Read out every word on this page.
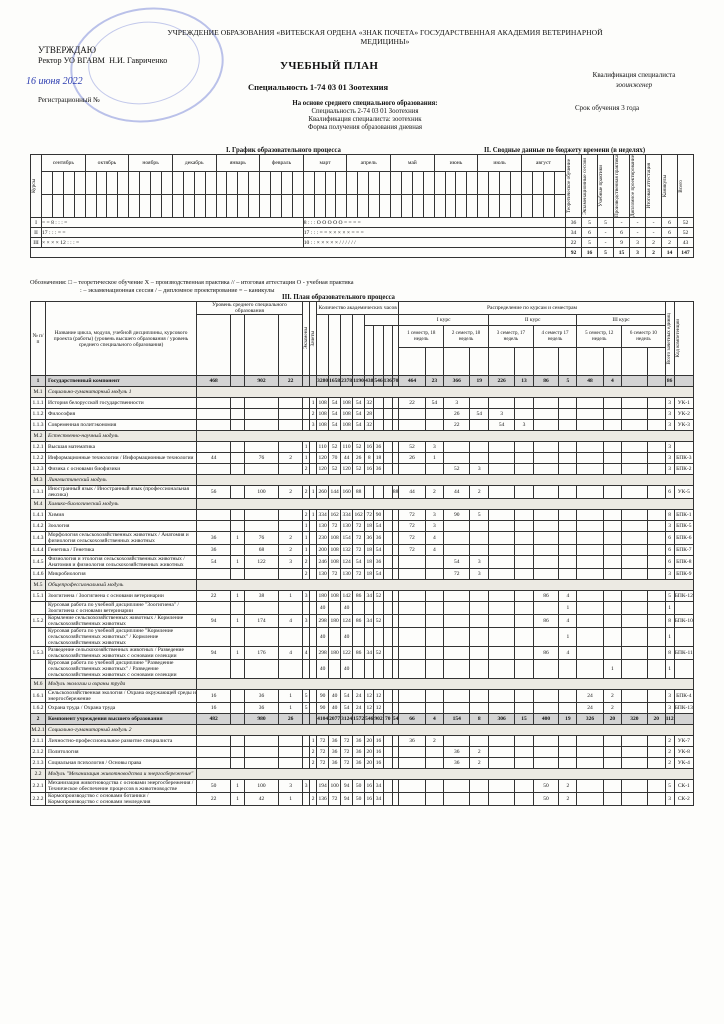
УЧРЕЖДЕНИЕ ОБРАЗОВАНИЯ «ВИТЕБСКАЯ ОРДЕНА «ЗНАК ПОЧЕТА» ГОСУДАРСТВЕННАЯ АКАДЕМИЯ ВЕТЕРИНАРНОЙ МЕДИЦИНЫ»
УТВЕРЖДАЮ
Ректор УО ВГАВМ Н.И. Гавриченко
16 июня 2022
Регистрационный №
УЧЕБНЫЙ ПЛАН
Специальность 1-74 03 01 Зоотехния
На основе среднего специального образования:
Специальность 2-74 03 01 Зоотехния
Квалификация специалиста: зоотехник
Форма получения образования дневная
Квалификация специалиста
зооинженер
Срок обучения 3 года
I. График образовательного процесса	II. Сводные данные по бюджету времени (в неделях)
Курсы	сентябрь				октябрь				ноябрь				декабрь				январь				февраль				март				апрель				май				июнь				июль				август				Теоретическое обучение	Экзаменационные сессии	Учебные практики	Производственная практика	Дипломное проектирование	Итоговая аттестация	Каникулы	Всего

I	= = 8 : : : =																								8 : : : О О О О О = = = =																								36	5	5	-	-	-	6	52
II	17 : : : = =																								17 : : : = = × × × × × = = =																								34	6	-	6	-	-	6	52
III	× × × × 12 : : : =																								10 : : × × × × × / / / / / /																								22	5	-	9	3	2	2	43
																																																	92	16	5	15	3	2	14	147
Обозначения: □ – теоретическое обучение Х – производственная практика // – итоговая аттестация О - учебная практика
: – экзаменационная сессия / – дипломное проектирование = – каникулы
III. План образовательного процесса
№ п/п	Название цикла, модуля, учебной дисциплины, курсового проекта (работы) (уровень высшего образования / уровень среднего специального образования)	Уровень среднего специального образования				Экзамены	Зачеты	Количество академических часов								Распределение по курсам и семестрам												Всего зачетных единиц	Код компетенции

																I курс				II курс				III курс					
																1 семестр, 18 недель		2 семестр, 18 недель		3 семестр, 17 недель		4 семестр 17 недель		5 семестр, 12 недель		6 семестр 10 недель			

1	Государственный компонент	468		902	22			3280	1658	2378	1190	438	546	136	70	464	23	366	19	226	13	86	5	48	4			86	
М.1	Социально-гуманитарный модуль 1																												
1.1.1	История белорусской государственности						1	108	54	108	54	32				22	54	3										3	УК-1
1.1.2	Философия						2	108	54	108	54	28						26	54	3								3	УК-2
1.1.3	Современная политэкономия						3	108	54	108	54	32						22		54	3							3	УК-3
М.2	Естественно-научный модуль																												
1.2.1	Высшая математика					1		110	52	110	52	16	36			52	3											3	
1.2.2	Информационные технологии / Информационные технологии	44		76	2	1		120	70	44	26	8	18			26	1											3	БПК-3
1.2.3	Физика с основами биофизики					2		120	52	120	52	16	36					52	3									3	БПК-2
М.3	Лингвистический модуль																												
1.3.1	Иностранный язык / Иностранный язык (профессиональная лексика)	56		100	2	2	1	260	144	160	88				88	44	2	44	2									6	УК-5
М.4	Химико-биологический модуль																												
1.4.1	Химия					2	1	334	162	334	162	72	90			72	3	90	5									8	БПК-1
1.4.2	Зоология					1		130	72	130	72	18	54			72	3											3	БПК-5
1.4.3	Морфология сельскохозяйственных животных / Анатомия и физиология сельскохозяйственных животных	36	1	76	2	1		230	108	154	72	36	36			72	4											6	БПК-6
1.4.4	Генетика / Генетика	36		68	2	1		200	108	132	72	18	54			72	4											6	БПК-7
1.4.5	Физиология и этология сельскохозяйственных животных / Анатомия и физиология сельскохозяйственных животных	54	1	122	3	2		246	108	124	54	18	36					54	3									6	БПК-8
1.4.6	Микробиология					2		130	72	130	72	18	54					72	3									3	БПК-9
М.5	Общепрофессиональный модуль																												
1.5.1	Зоогигиена / Зоогигиена с основами ветеринарии	22	1	38	1	3		180	108	142	86	34	52									86	4					5	БПК-12
	Курсовая работа по учебной дисциплине "Зоогигиена" / Зоогигиена с основами ветеринарии							40		40													1					1	
1.5.2	Кормление сельскохозяйственных животных / Кормление сельскохозяйственных животных	94	1	174	4	3		298	180	124	86	34	52									86	4					8	БПК-10
	Курсовая работа по учебной дисциплине "Кормление сельскохозяйственных животных" / Кормление сельскохозяйственных животных							40		40													1					1	
1.5.3	Разведение сельскохозяйственных животных / Разведение сельскохозяйственных животных с основами селекции	94	1	176	4	4		298	180	122	86	34	52									86	4					8	БПК-11
	Курсовая работа по учебной дисциплине "Разведение сельскохозяйственных животных" / Разведение сельскохозяйственных животных с основами селекции							40		40															1			1	
М.6	Модуль экологии и охраны труда																												
1.6.1	Сельскохозяйственная экология / Охрана окружающей среды и энергосбережение	16		36	1	5		90	40	54	24	12	12											24	2			3	БПК-4
1.6.2	Охрана труда / Охрана труда	16		36	1	5		90	40	54	24	12	12											24	2			3	БПК-13
2	Компонент учреждения высшего образования	482		980	26			4104	2077	3124	1572	546	902	70	54	66	4	154	8	306	15	400	19	326	20	320	20	112	
М.2.1	Социально-гуманитарный модуль 2																												
2.1.1	Личностно-профессиональное развитие специалиста						1	72	36	72	36	20	16			36	2											2	УК-7
2.1.2	Политология						2	72	36	72	36	20	16					36	2									2	УК-8
2.1.3	Социальная психология / Основы права						2	72	36	72	36	20	16					36	2									2	УК-4
2.2	Модуль "Механизация животноводства и энергосбережение"																												
2.2.1	Механизация животноводства с основами энергосбережения / Техническое обеспечение процессов в животноводстве	50	1	100	3	3		194	100	94	50	16	34									50	2					5	СК-1
2.2.2	Кормопроизводство с основами ботаники / Кормопроизводство с основами земледелия	22	1	42	1		2	136	72	94	50	16	34									50	2					3	СК-2
